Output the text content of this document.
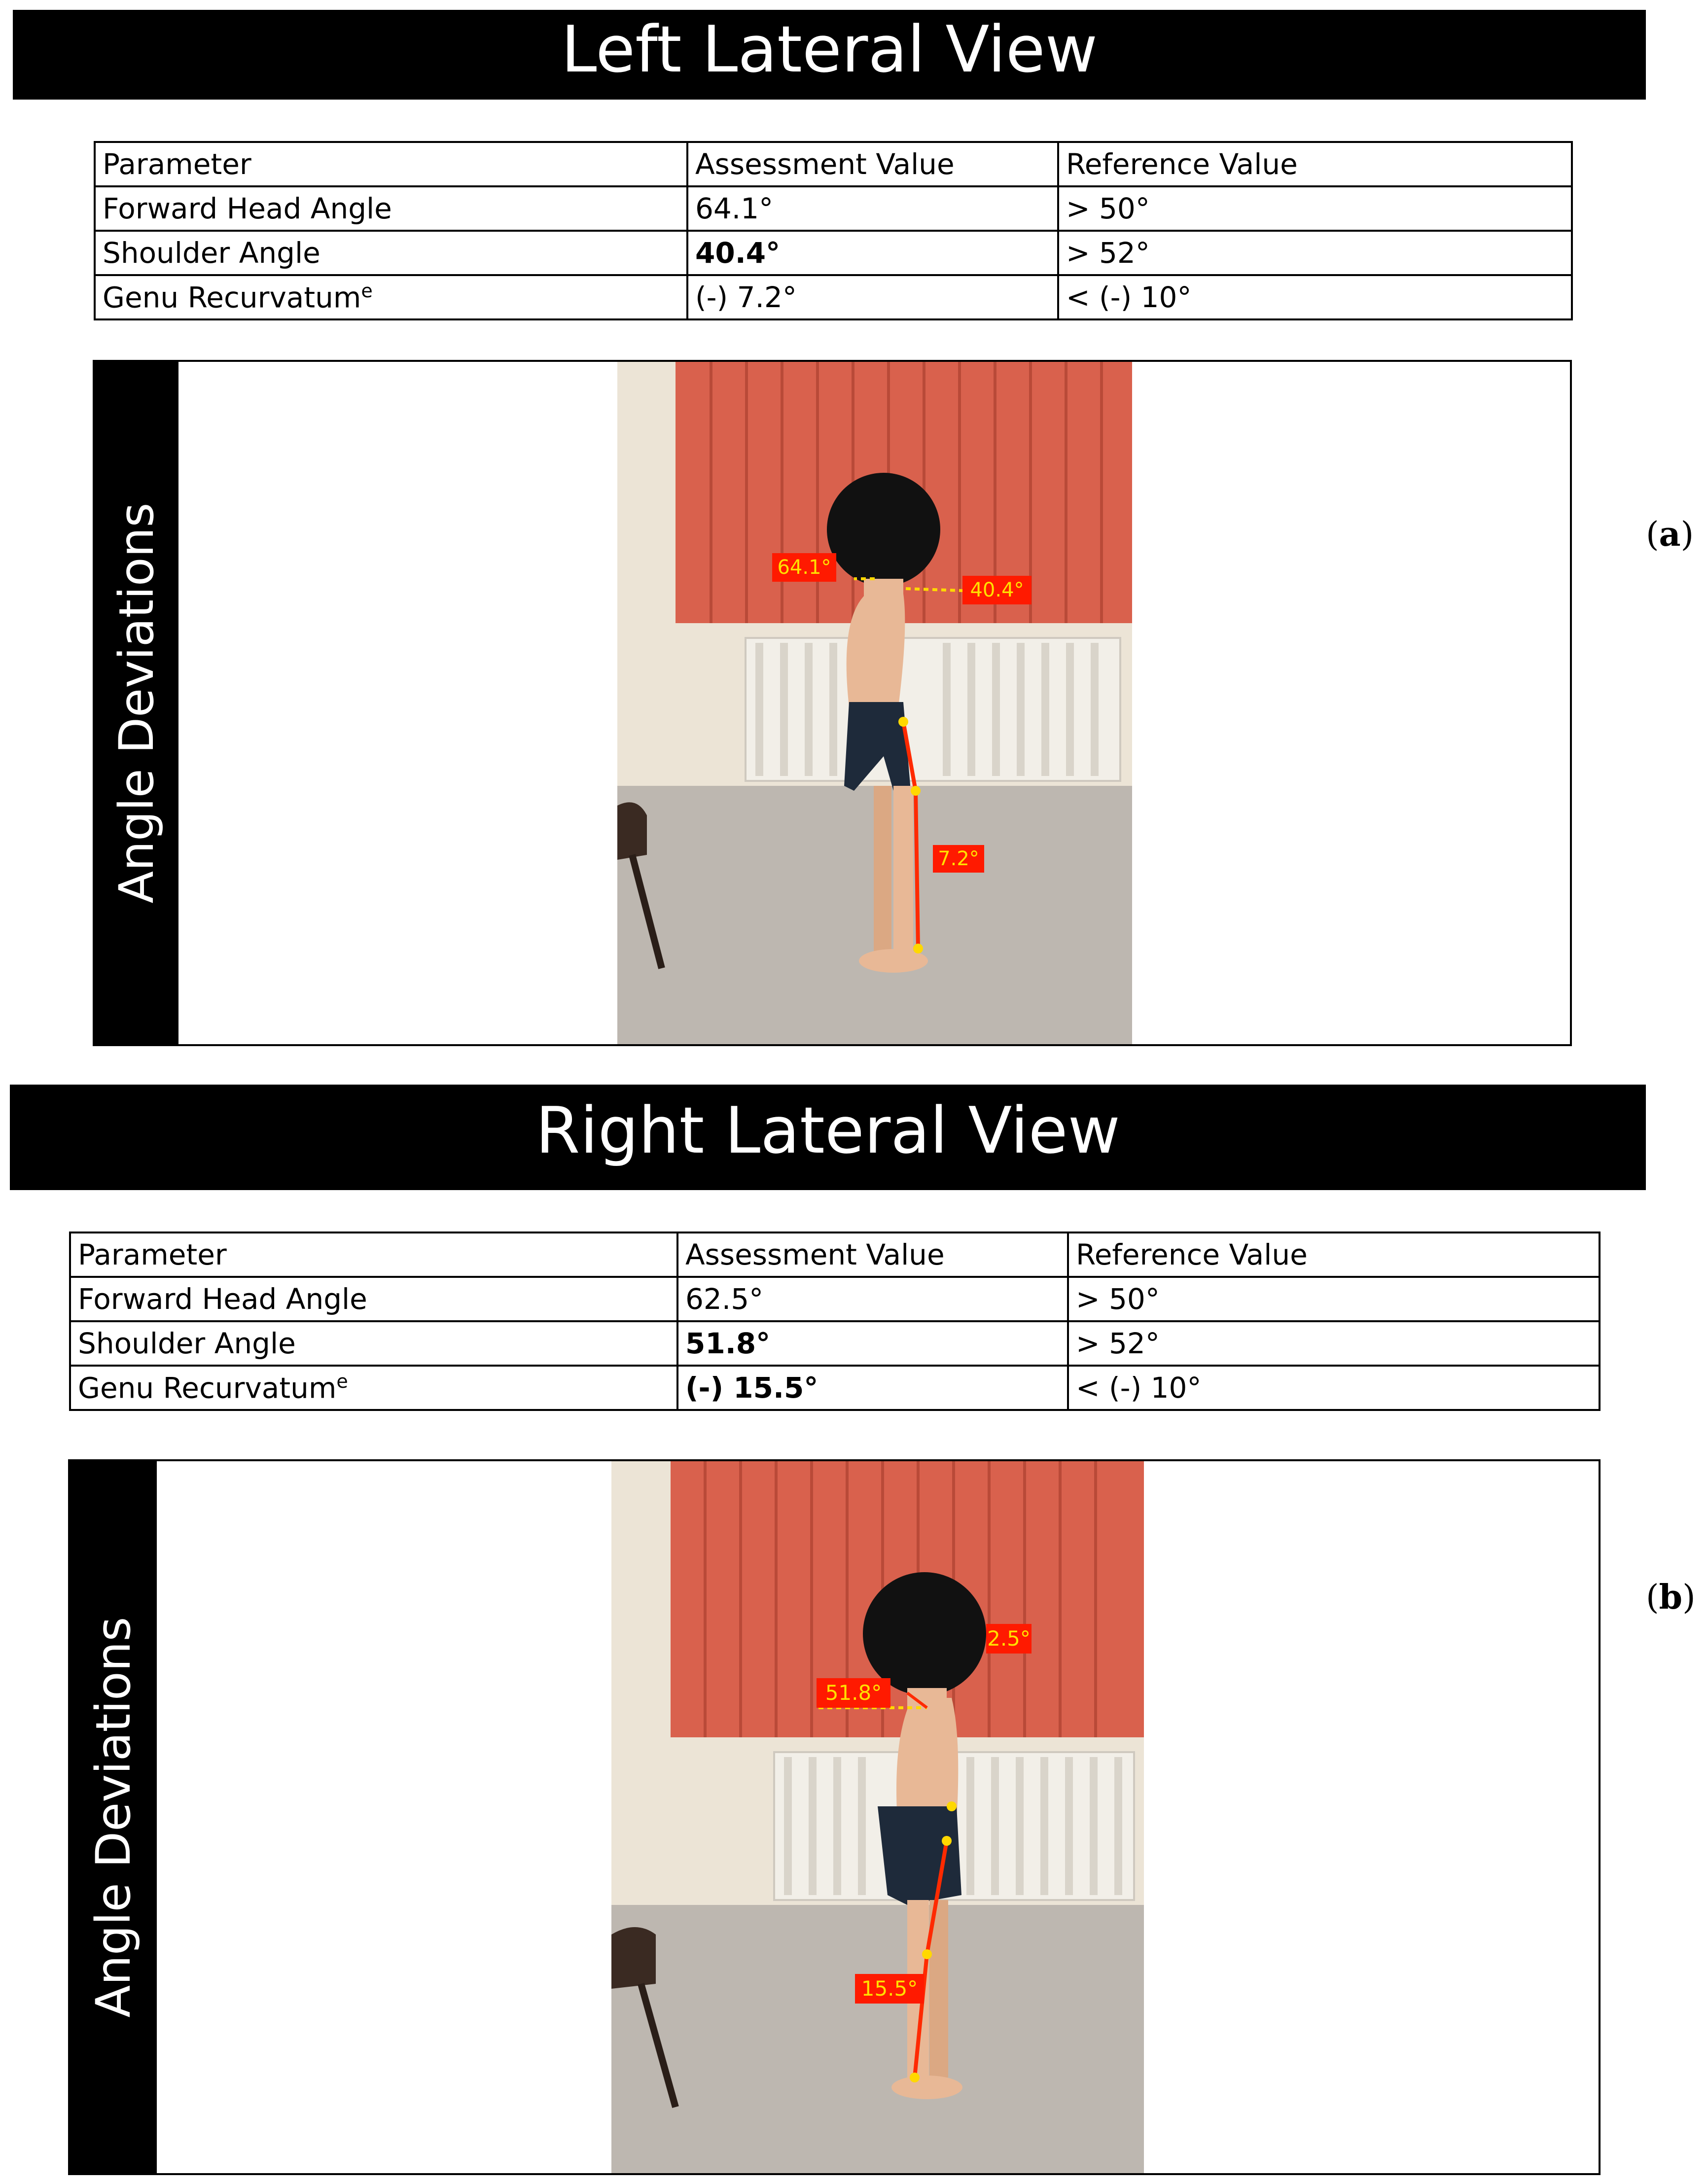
Left Lateral View
Parameter	Assessment Value	Reference Value
Forward Head Angle	64.1°	> 50°
Shoulder Angle	40.4°	> 52°
Genu Recurvatum$^e$	(-) 7.2°	< (-) 10°
Angle Deviations	64.1°
40.4°
7.2°
(a)
Right Lateral View
Parameter	Assessment Value	Reference Value
Forward Head Angle	62.5°	> 50°
Shoulder Angle	51.8°	> 52°
Genu Recurvatum$^e$	(-) 15.5°	< (-) 10°
Angle Deviations	51.8°
2.5°
15.5°
(b)
